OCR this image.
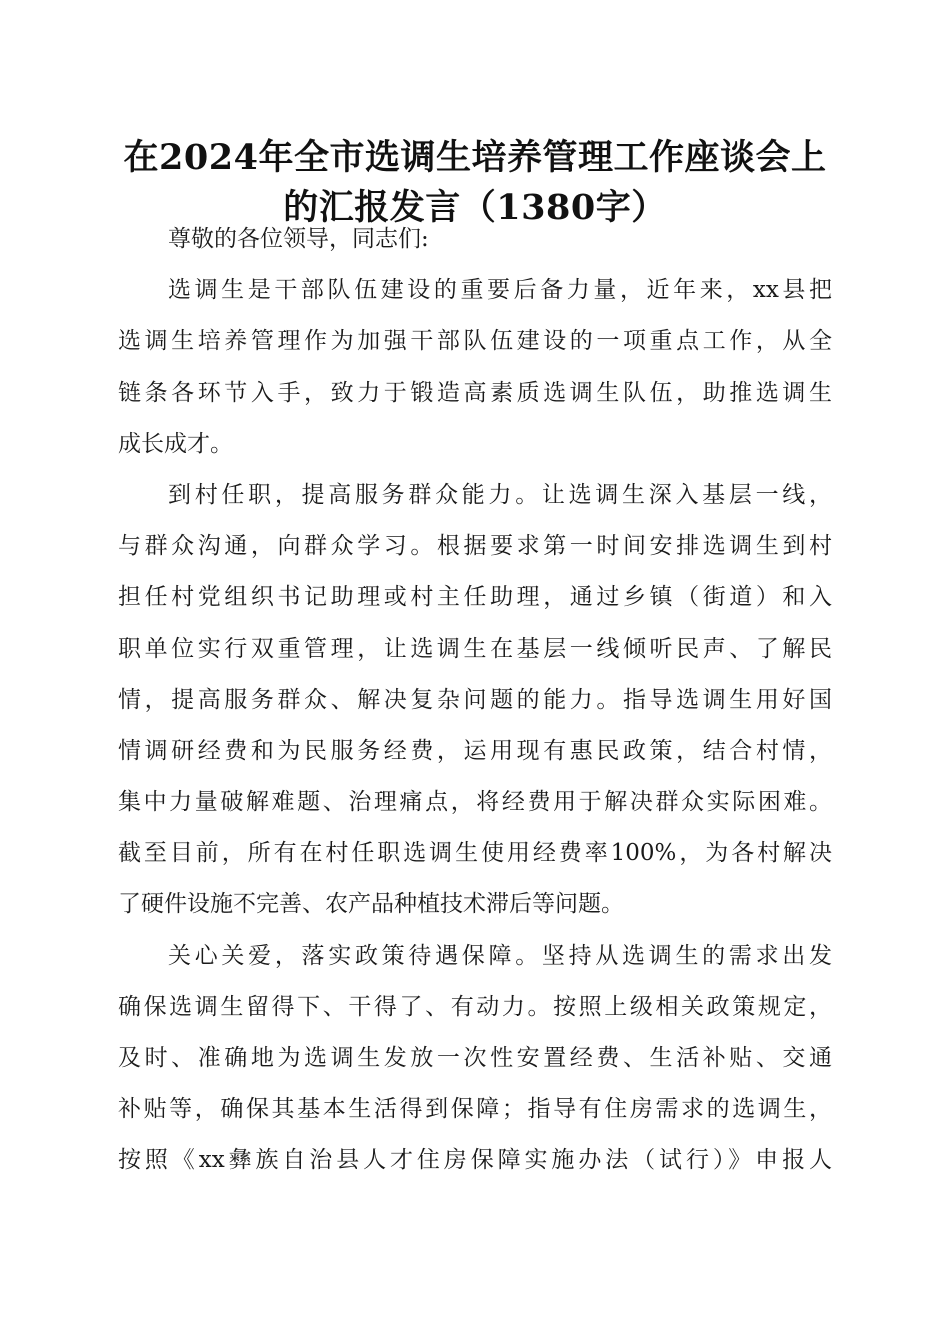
在2024年全市选调生培养管理工作座谈会上
的汇报发言（1380字）
尊敬的各位领导，同志们:
选调生是干部队伍建设的重要后备力量，近年来，xx县把
选调生培养管理作为加强干部队伍建设的一项重点工作，从全
链条各环节入手，致力于锻造高素质选调生队伍，助推选调生
成长成才。
到村任职，提高服务群众能力。让选调生深入基层一线，
与群众沟通，向群众学习。根据要求第一时间安排选调生到村
担任村党组织书记助理或村主任助理，通过乡镇（街道）和入
职单位实行双重管理，让选调生在基层一线倾听民声、了解民
情，提高服务群众、解决复杂问题的能力。指导选调生用好国
情调研经费和为民服务经费，运用现有惠民政策，结合村情，
集中力量破解难题、治理痛点，将经费用于解决群众实际困难。
截至目前，所有在村任职选调生使用经费率100%，为各村解决
了硬件设施不完善、农产品种植技术滞后等问题。
关心关爱，落实政策待遇保障。坚持从选调生的需求出发
确保选调生留得下、干得了、有动力。按照上级相关政策规定，
及时、准确地为选调生发放一次性安置经费、生活补贴、交通
补贴等，确保其基本生活得到保障；指导有住房需求的选调生，
按照《xx彝族自治县人才住房保障实施办法（试行）》申报人
